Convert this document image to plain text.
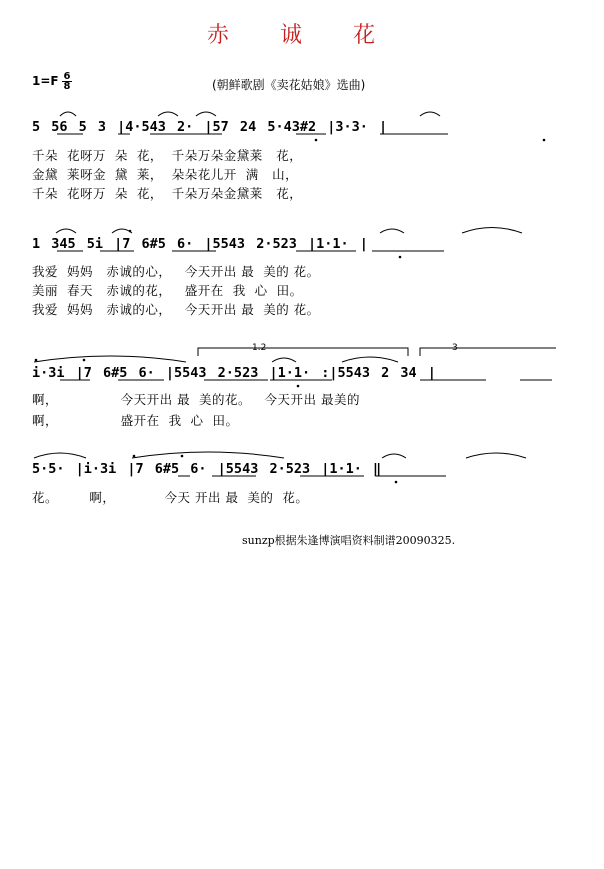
赤 诚 花
1=F 6
8	(朝鲜歌剧《卖花姑娘》选曲)
5 56 5 3 |4·543 2· |57 24 5·43#2 |3·3· |
千朵  花呀万  朵  花，  千朵万朵金黛莱   花，
金黛  莱呀金  黛  莱，  朵朵花儿开  满   山，
千朵  花呀万  朵  花，  千朵万朵金黛莱   花，
1 345 5i |7 6#5 6· |5543 2·523 |1·1· |
我爱  妈妈   赤诚的心，   今天开出 最  美的 花。
美丽  春天   赤诚的花，   盛开在  我  心  田。
我爱  妈妈   赤诚的心，   今天开出 最  美的 花。
1.2	3
i·3i |7 6#5 6· |5543 2·523 |1·1· :|5543 2 34 |
啊，              今天开出 最  美的花。   今天开出 最美的
啊，              盛开在  我  心  田。
5·5· |i·3i |7 6#5 6· |5543 2·523 |1·1· ‖
花。       啊，           今天 开出 最  美的  花。
sunzp根据朱逢博演唱资料制谱20090325.
